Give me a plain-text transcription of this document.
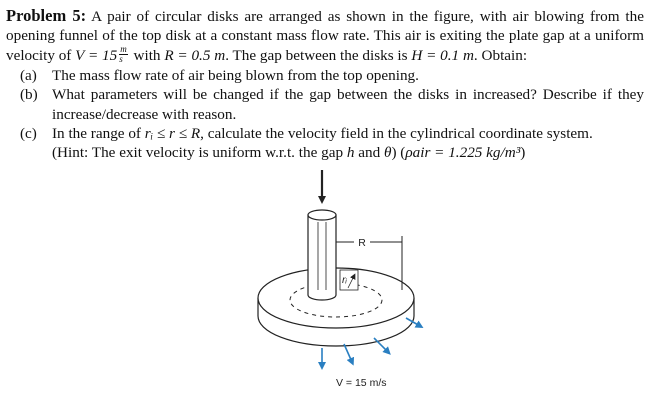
Problem 5: A pair of circular disks are arranged as shown in the figure, with air blowing from the opening funnel of the top disk at a constant mass flow rate. This air is exiting the plate gap at a uniform velocity of $V = 15 \frac{m}{s}$ with R = 0.5 m. The gap between the disks is H = 0.1 m. Obtain:

(a) The mass flow rate of air being blown from the top opening.
(b) What parameters will be changed if the gap between the disks in increased? Describe if they increase/decrease with reason.
(c) In the range of rᵢ ≤ r ≤ R, calculate the velocity field in the cylindrical coordinate system.
(Hint: The exit velocity is uniform w.r.t. the gap h and θ) (ρair = 1.225 kg/m³)
R
rᵢ
V = 15 m/s
